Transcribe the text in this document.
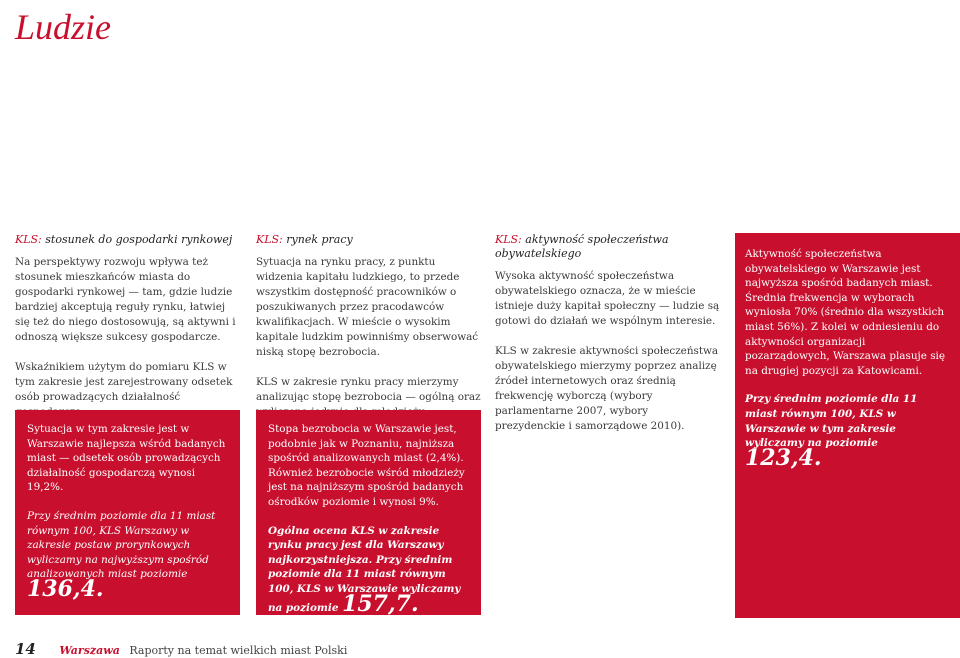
Ludzie
KLS: stosunek do gospodarki rynkowej

Na perspektywy rozwoju wpływa też stosunek mieszkańców miasta do gospodarki rynkowej — tam, gdzie ludzie bardziej akceptują reguły rynku, łatwiej się też do niego dostosowują, są aktywni i odnoszą większe sukcesy gospodarcze.

Wskaźnikiem użytym do pomiaru KLS w tym zakresie jest zarejestrowany odsetek osób prowadzących działalność

Sytuacja w tym zakresie jest w Warszawie najlepsza wśród badanych miast — odsetek osób prowadzących działalność gospodarczą wynosi 19,2%.

Przy średnim poziomie dla 11 miast równym 100, KLS Warszawy w zakresie postaw prorynkowych wyliczamy na najwyższym spośród analizowanych miast poziomie 136,4.

KLS: rynek pracy

Sytuacja na rynku pracy, z punktu widzenia kapitału ludzkiego, to przede wszystkim dostępność pracowników o poszukiwanych przez pracodawców kwalifikacjach. W mieście o wysokim kapitale ludzkim powinniśmy obserwować niską stopę bezrobocia.

KLS w zakresie rynku pracy mierzymy analizując stopę bezrobocia — ogólną oraz

Stopa bezrobocia w Warszawie jest, podobnie jak w Poznaniu, najniższa spośród analizowanych miast (2,4%). Również bezrobocie wśród młodzieży jest na najniższym spośród badanych ośrodków poziomie i wynosi 9%.

Ogólna ocena KLS w zakresie rynku pracy jest dla Warszawy najkorzystniejsza. Przy średnim poziomie dla 11 miast równym 100, KLS w Warszawie wyliczamy na poziomie 157,7.

KLS: aktywność społeczeństwa obywatelskiego

Wysoka aktywność społeczeństwa obywatelskiego oznacza, że w mieście istnieje duży kapitał społeczny — ludzie są gotowi do działań we wspólnym interesie.

KLS w zakresie aktywności społeczeństwa obywatelskiego mierzymy poprzez analizę źródeł internetowych oraz średnią frekwencję wyborczą (wybory parlamentarne 2007, wybory prezydenckie i samorządowe 2010).

Aktywność społeczeństwa obywatelskiego w Warszawie jest najwyższa spośród badanych miast. Średnia frekwencja w wyborach wyniosła 70% (średnio dla wszystkich miast 56%). Z kolei w odniesieniu do aktywności organizacji pozarządowych, Warszawa plasuje się na drugiej pozycji za Katowicami.

Przy średnim poziomie dla 11 miast równym 100, KLS w Warszawie w tym zakresie wyliczamy na poziomie
123,4.

14 Warszawa Raporty na temat wielkich miast Polski
